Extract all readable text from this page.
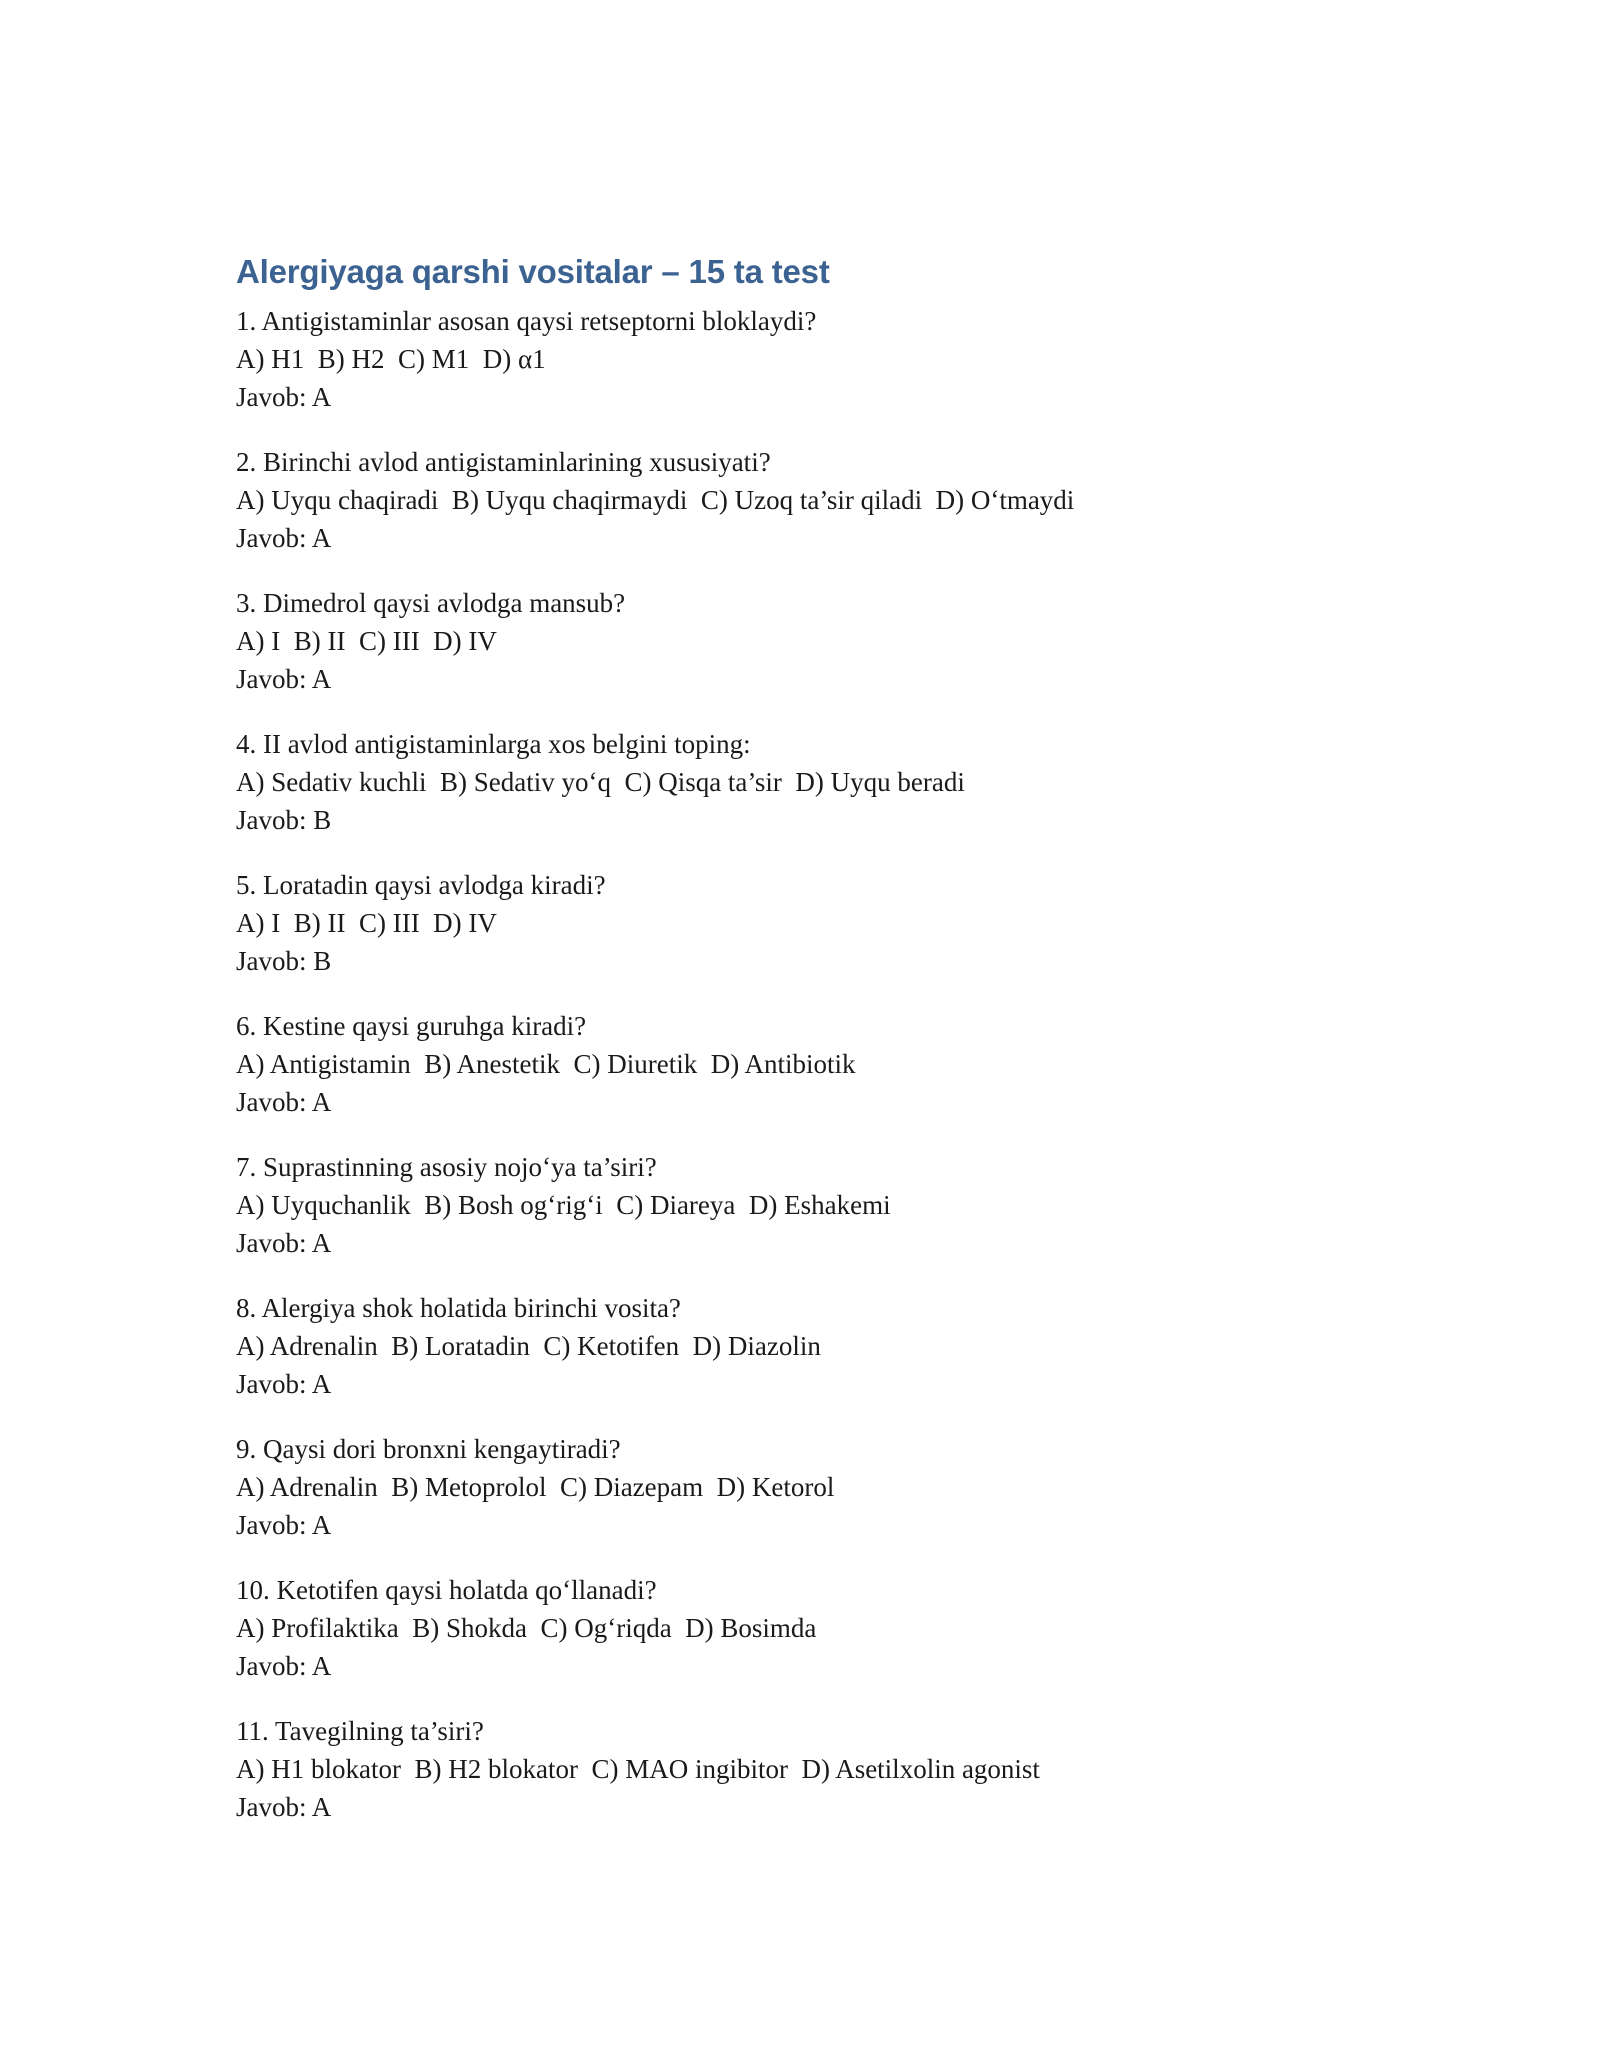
Alergiyaga qarshi vositalar – 15 ta test
1. Antigistaminlar asosan qaysi retseptorni bloklaydi?
A) H1  B) H2  C) M1  D) α1
Javob: A
2. Birinchi avlod antigistaminlarining xususiyati?
A) Uyqu chaqiradi  B) Uyqu chaqirmaydi  C) Uzoq ta’sir qiladi  D) O‘tmaydi
Javob: A
3. Dimedrol qaysi avlodga mansub?
A) I  B) II  C) III  D) IV
Javob: A
4. II avlod antigistaminlarga xos belgini toping:
A) Sedativ kuchli  B) Sedativ yo‘q  C) Qisqa ta’sir  D) Uyqu beradi
Javob: B
5. Loratadin qaysi avlodga kiradi?
A) I  B) II  C) III  D) IV
Javob: B
6. Kestine qaysi guruhga kiradi?
A) Antigistamin  B) Anestetik  C) Diuretik  D) Antibiotik
Javob: A
7. Suprastinning asosiy nojo‘ya ta’siri?
A) Uyquchanlik  B) Bosh og‘rig‘i  C) Diareya  D) Eshakemi
Javob: A
8. Alergiya shok holatida birinchi vosita?
A) Adrenalin  B) Loratadin  C) Ketotifen  D) Diazolin
Javob: A
9. Qaysi dori bronxni kengaytiradi?
A) Adrenalin  B) Metoprolol  C) Diazepam  D) Ketorol
Javob: A
10. Ketotifen qaysi holatda qo‘llanadi?
A) Profilaktika  B) Shokda  C) Og‘riqda  D) Bosimda
Javob: A
11. Tavegilning ta’siri?
A) H1 blokator  B) H2 blokator  C) MAO ingibitor  D) Asetilxolin agonist
Javob: A
